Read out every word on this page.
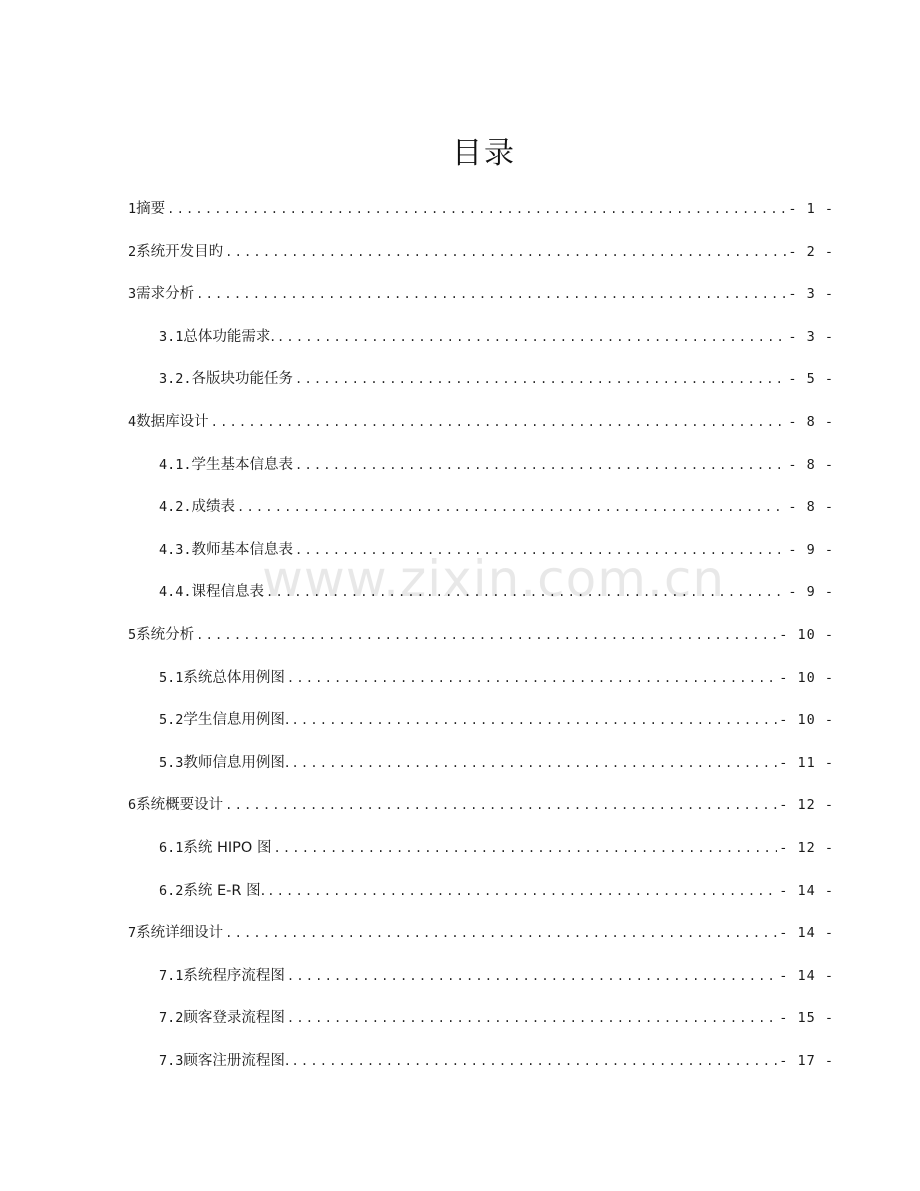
目录
www.zixin.com.cn
1 摘要 .....	- 1 -
2 系统开发目旳 .....	- 2 -
3 需求分析 .....	- 3 -
3.1 总体功能需求. .....	- 3 -
3.2. 各版块功能任务 .....	- 5 -
4 数据库设计 .....	- 8 -
4.1. 学生基本信息表 .....	- 8 -
4.2. 成绩表 .....	- 8 -
4.3. 教师基本信息表 .....	- 9 -
4.4. 课程信息表 .....	- 9 -
5 系统分析 .....	- 10 -
5.1 系统总体用例图 .....	- 10 -
5.2 学生信息用例图. .....	- 10 -
5.3 教师信息用例图. .....	- 11 -
6 系统概要设计 .....	- 12 -
6.1 系统 HIPO 图 .....	- 12 -
6.2 系统 E-R 图. .....	- 14 -
7 系统详细设计 .....	- 14 -
7.1 系统程序流程图 .....	- 14 -
7.2 顾客登录流程图 .....	- 15 -
7.3 顾客注册流程图. .....	- 17 -
